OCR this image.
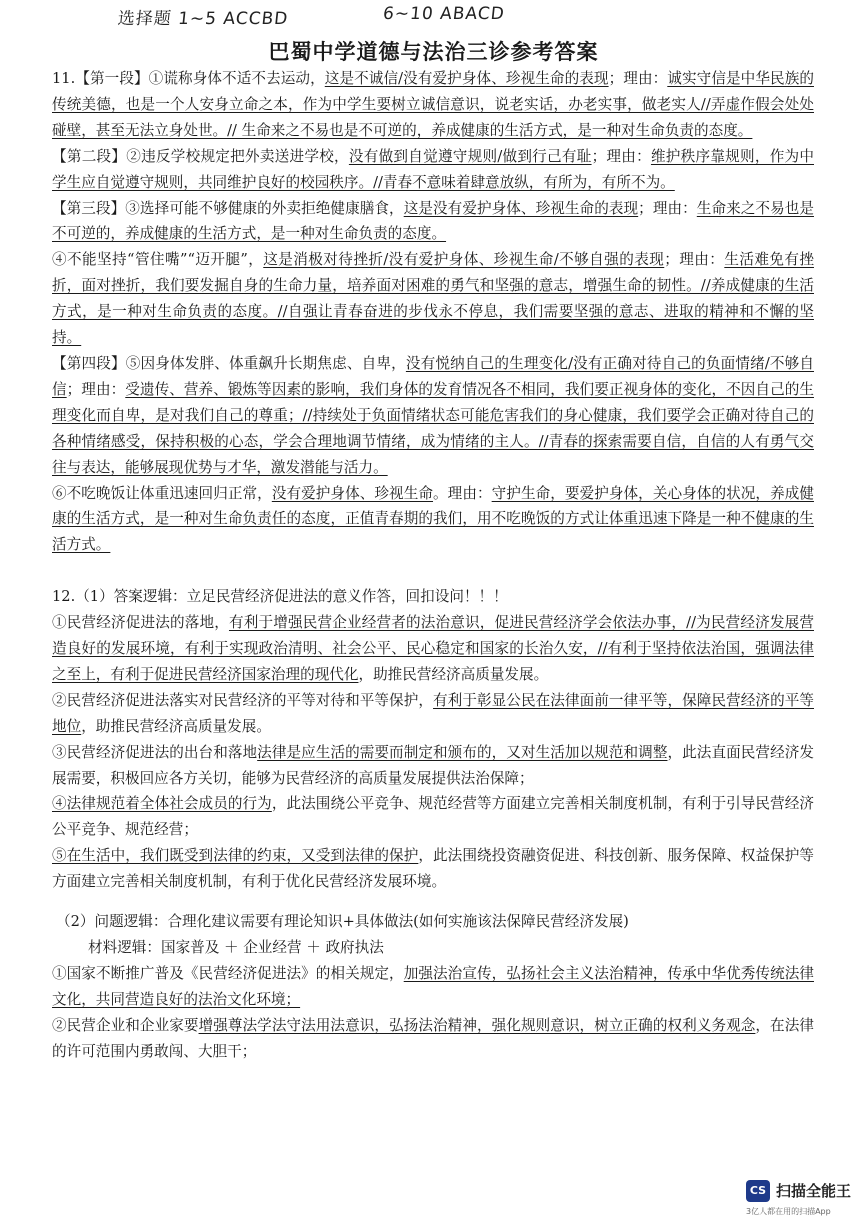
选择题 1~5 ACCBD	6~10 ABACD
巴蜀中学道德与法治三诊参考答案

11.【第一段】①谎称身体不适不去运动，这是不诚信/没有爱护身体、珍视生命的表现；理由：诚实守信是中华民族的传统美德，也是一个人安身立命之本，作为中学生要树立诚信意识，说老实话，办老实事，做老实人//弄虚作假会处处碰壁，甚至无法立身处世。// 生命来之不易也是不可逆的，养成健康的生活方式，是一种对生命负责的态度。

【第二段】②违反学校规定把外卖送进学校，没有做到自觉遵守规则/做到行己有耻；理由：维护秩序靠规则，作为中学生应自觉遵守规则，共同维护良好的校园秩序。//青春不意味着肆意放纵，有所为，有所不为。

【第三段】③选择可能不够健康的外卖拒绝健康膳食，这是没有爱护身体、珍视生命的表现；理由：生命来之不易也是不可逆的，养成健康的生活方式，是一种对生命负责的态度。

④不能坚持“管住嘴”“迈开腿”，这是消极对待挫折/没有爱护身体、珍视生命/不够自强的表现；理由：生活难免有挫折，面对挫折，我们要发掘自身的生命力量，培养面对困难的勇气和坚强的意志，增强生命的韧性。//养成健康的生活方式，是一种对生命负责的态度。//自强让青春奋进的步伐永不停息，我们需要坚强的意志、进取的精神和不懈的坚持。

【第四段】⑤因身体发胖、体重飙升长期焦虑、自卑，没有悦纳自己的生理变化/没有正确对待自己的负面情绪/不够自信；理由：受遗传、营养、锻炼等因素的影响，我们身体的发育情况各不相同，我们要正视身体的变化，不因自己的生理变化而自卑，是对我们自己的尊重；//持续处于负面情绪状态可能危害我们的身心健康，我们要学会正确对待自己的各种情绪感受，保持积极的心态，学会合理地调节情绪，成为情绪的主人。//青春的探索需要自信，自信的人有勇气交往与表达，能够展现优势与才华，激发潜能与活力。

⑥不吃晚饭让体重迅速回归正常，没有爱护身体、珍视生命。理由：守护生命，要爱护身体，关心身体的状况，养成健康的生活方式，是一种对生命负责任的态度，正值青春期的我们，用不吃晚饭的方式让体重迅速下降是一种不健康的生活方式。

12.（1）答案逻辑：立足民营经济促进法的意义作答，回扣设问！！！

①民营经济促进法的落地，有利于增强民营企业经营者的法治意识，促进民营经济学会依法办事，//为民营经济发展营造良好的发展环境，有利于实现政治清明、社会公平、民心稳定和国家的长治久安，//有利于坚持依法治国，强调法律之至上，有利于促进民营经济国家治理的现代化，助推民营经济高质量发展。

②民营经济促进法落实对民营经济的平等对待和平等保护，有利于彰显公民在法律面前一律平等，保障民营经济的平等地位，助推民营经济高质量发展。

③民营经济促进法的出台和落地法律是应生活的需要而制定和颁布的，又对生活加以规范和调整，此法直面民营经济发展需要，积极回应各方关切，能够为民营经济的高质量发展提供法治保障；

④法律规范着全体社会成员的行为，此法围绕公平竞争、规范经营等方面建立完善相关制度机制，有利于引导民营经济公平竞争、规范经营；

⑤在生活中，我们既受到法律的约束，又受到法律的保护，此法围绕投资融资促进、科技创新、服务保障、权益保护等方面建立完善相关制度机制，有利于优化民营经济发展环境。

（2）问题逻辑：合理化建议需要有理论知识+具体做法(如何实施该法保障民营经济发展)

材料逻辑：国家普及 ＋ 企业经营 ＋ 政府执法

①国家不断推广普及《民营经济促进法》的相关规定，加强法治宣传，弘扬社会主义法治精神，传承中华优秀传统法律文化，共同营造良好的法治文化环境；

②民营企业和企业家要增强尊法学法守法用法意识，弘扬法治精神，强化规则意识，树立正确的权利义务观念，在法律的许可范围内勇敢闯、大胆干；

CS 扫描全能王
3亿人都在用的扫描App
